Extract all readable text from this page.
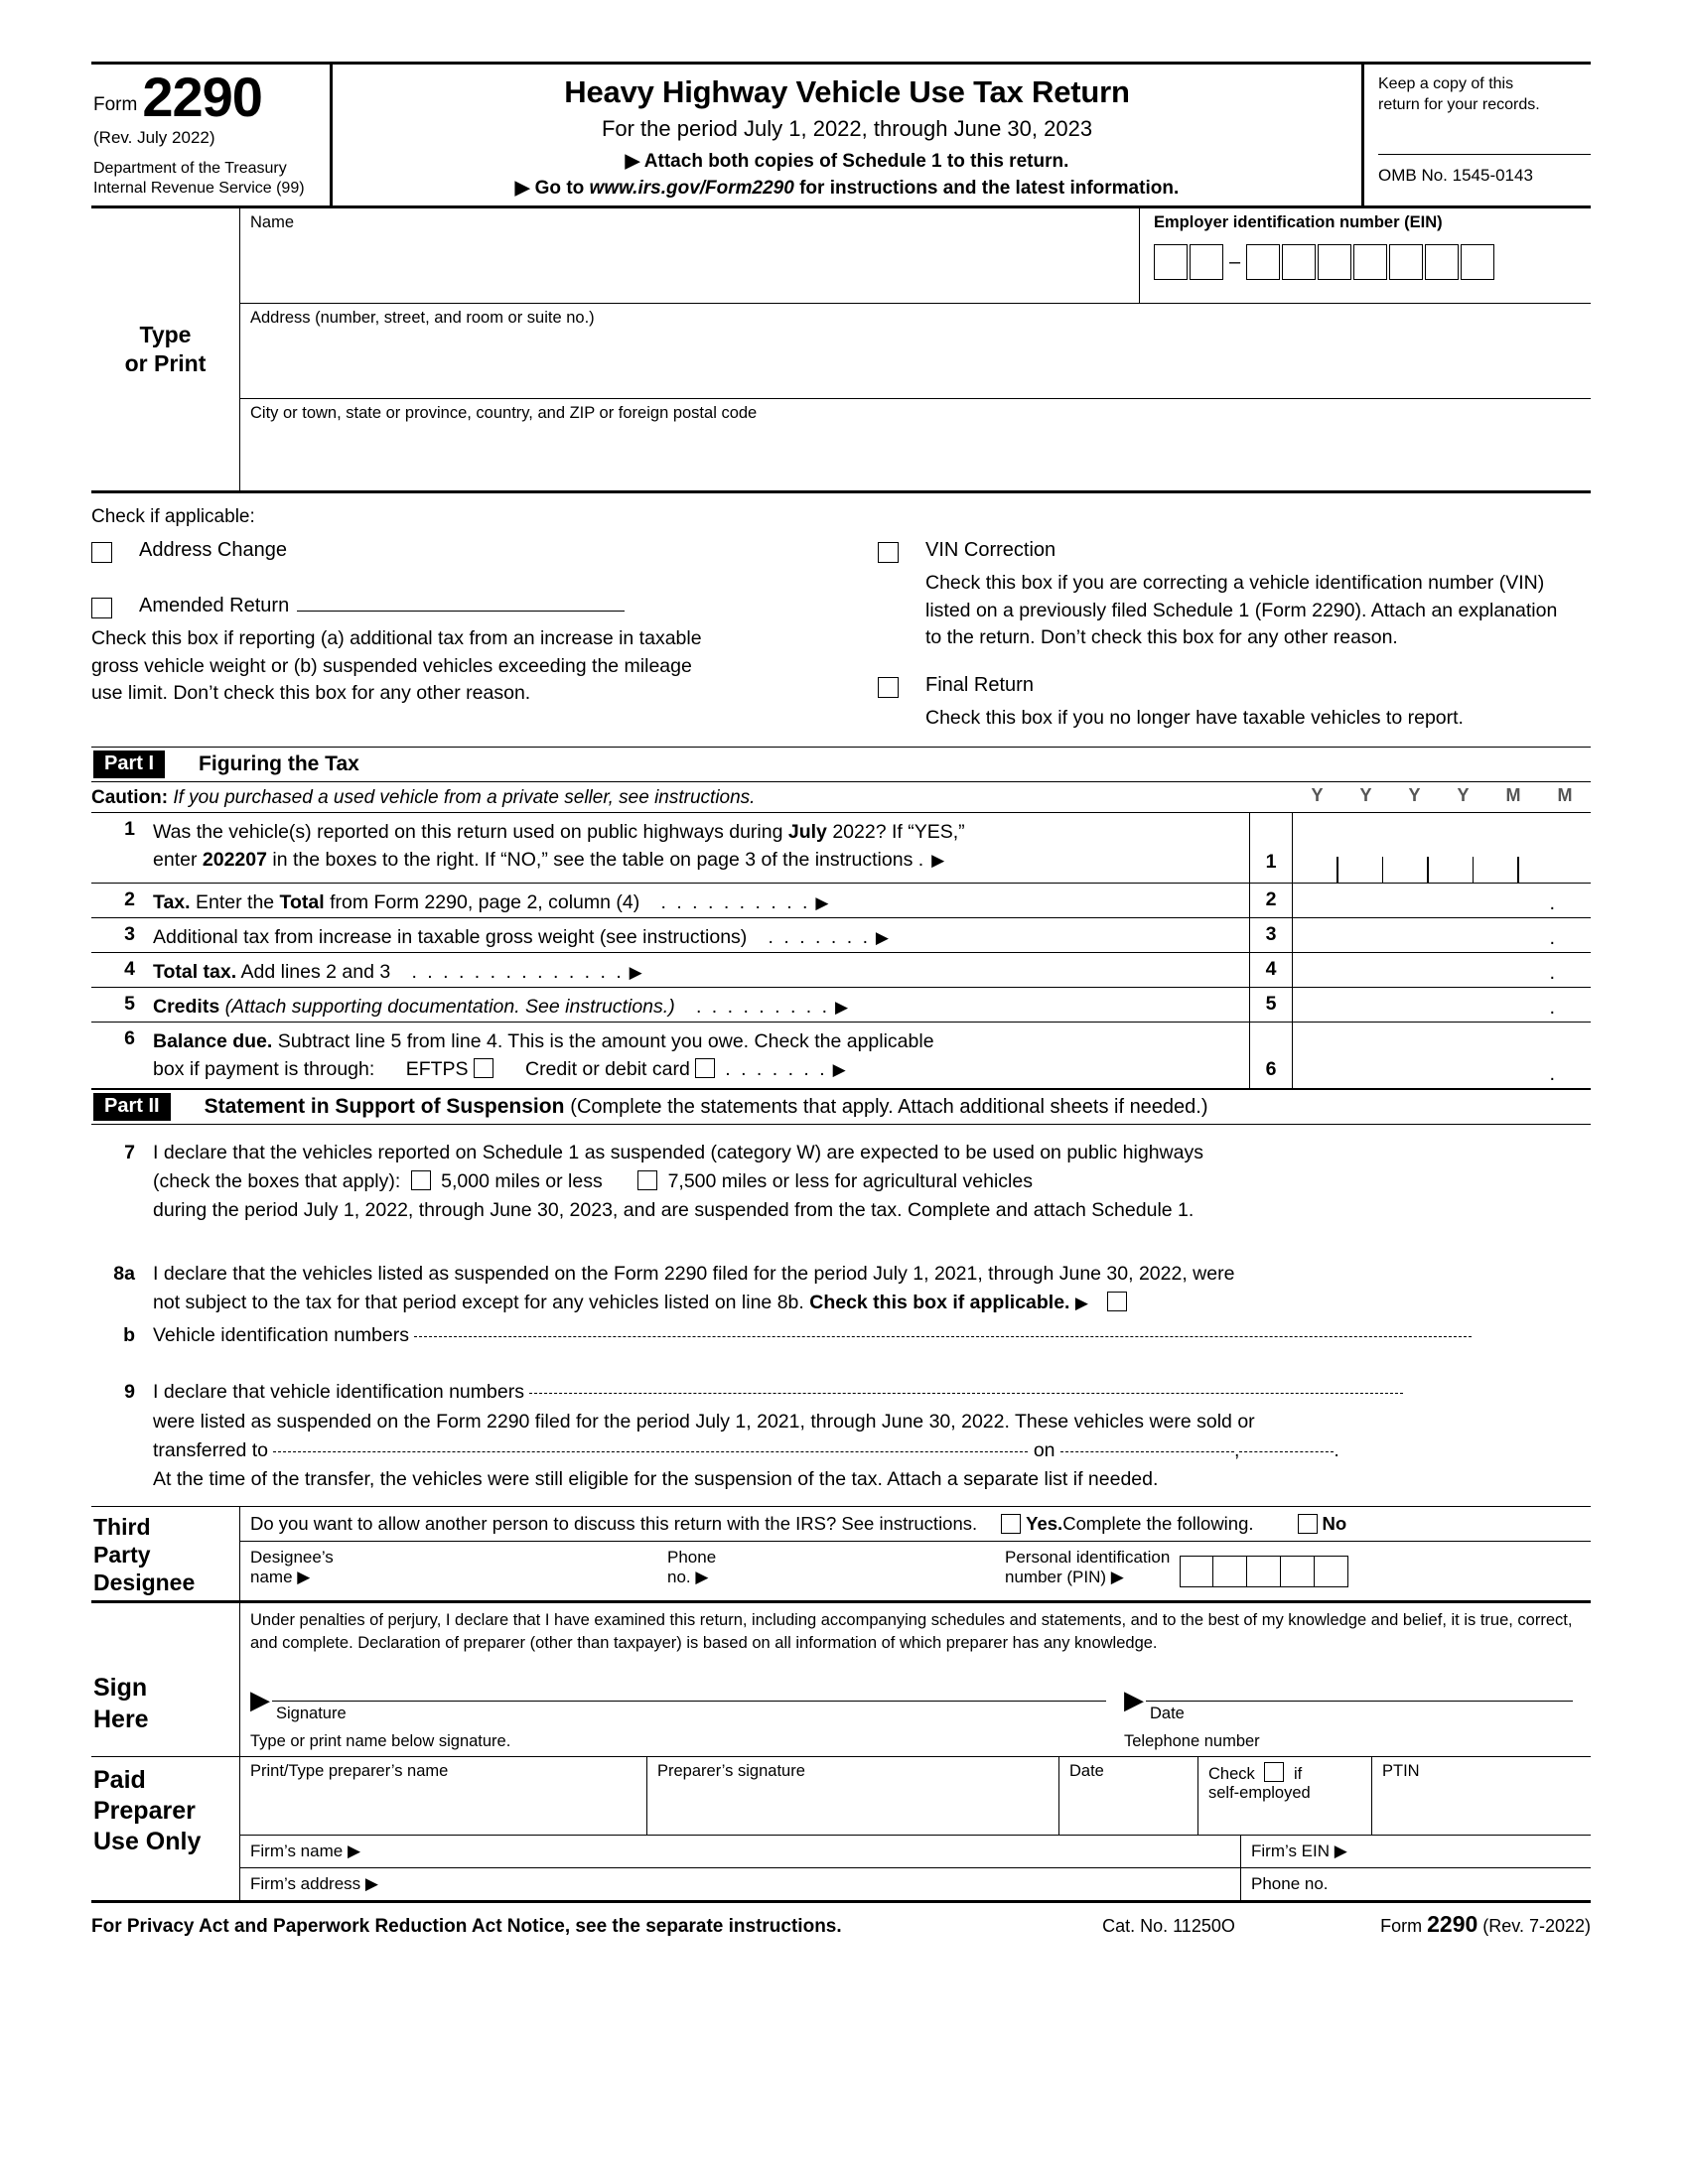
Form 2290
(Rev. July 2022)
Department of the Treasury
Internal Revenue Service (99)
Heavy Highway Vehicle Use Tax Return
For the period July 1, 2022, through June 30, 2023
▶ Attach both copies of Schedule 1 to this return.
▶ Go to www.irs.gov/Form2290 for instructions and the latest information.
Keep a copy of this
return for your records.
OMB No. 1545-0143
Type
or Print
Name	Employer identification number (EIN)
–
Address (number, street, and room or suite no.)
City or town, state or province, country, and ZIP or foreign postal code
Check if applicable:
Address Change
Amended Return
Check this box if reporting (a) additional tax from an increase in taxable gross vehicle weight or (b) suspended vehicles exceeding the mileage use limit. Don’t check this box for any other reason.
VIN Correction
Check this box if you are correcting a vehicle identification number (VIN) listed on a previously filed Schedule 1 (Form 2290). Attach an explanation to the return. Don’t check this box for any other reason.
Final Return
Check this box if you no longer have taxable vehicles to report.
Part I	Figuring the Tax
Caution: If you purchased a used vehicle from a private seller, see instructions.	Y Y Y Y M M
1 Was the vehicle(s) reported on this return used on public highways during July 2022? If “YES,”
enter 202207 in the boxes to the right. If “NO,” see the table on page 3 of the instructions . ▶	1
2 Tax. Enter the Total from Form 2290, page 2, column (4)   . . . . . . . . . . ▶	2	.
3 Additional tax from increase in taxable gross weight (see instructions)   . . . . . . . ▶	3	.
4 Total tax. Add lines 2 and 3   . . . . . . . . . . . . . . ▶	4	.
5 Credits (Attach supporting documentation. See instructions.)   . . . . . . . . . ▶	5	.
6 Balance due. Subtract line 5 from line 4. This is the amount you owe. Check the applicable
box if payment is through: EFTPS	Credit or debit card . . . . . . . ▶	6	.
Part II	Statement in Support of Suspension (Complete the statements that apply. Attach additional sheets if needed.)
7 I declare that the vehicles reported on Schedule 1 as suspended (category W) are expected to be used on public highways
(check the boxes that apply): 5,000 miles or less	7,500 miles or less for agricultural vehicles
during the period July 1, 2022, through June 30, 2023, and are suspended from the tax. Complete and attach Schedule 1.
8a I declare that the vehicles listed as suspended on the Form 2290 filed for the period July 1, 2021, through June 30, 2022, were
not subject to the tax for that period except for any vehicles listed on line 8b. Check this box if applicable. ▶
b Vehicle identification numbers
9 I declare that vehicle identification numbers
were listed as suspended on the Form 2290 filed for the period July 1, 2021, through June 30, 2022. These vehicles were sold or
transferred to	on	,	.
At the time of the transfer, the vehicles were still eligible for the suspension of the tax. Attach a separate list if needed.
Third
Party
Designee
Do you want to allow another person to discuss this return with the IRS? See instructions.	Yes. Complete the following.	No
Designee’s
name ▶
Phone
no. ▶
Personal identification
number (PIN) ▶
Sign
Here
Under penalties of perjury, I declare that I have examined this return, including accompanying schedules and statements, and to the best of my knowledge and belief, it is true, correct, and complete. Declaration of preparer (other than taxpayer) is based on all information of which preparer has any knowledge.
▶ Signature	▶ Date
Type or print name below signature.	Telephone number
Paid
Preparer
Use Only
Print/Type preparer’s name	Preparer’s signature	Date	Check if
self-employed
PTIN
Firm’s name ▶	Firm’s EIN ▶
Firm’s address ▶	Phone no.
For Privacy Act and Paperwork Reduction Act Notice, see the separate instructions.	Cat. No. 11250O	Form 2290 (Rev. 7-2022)
